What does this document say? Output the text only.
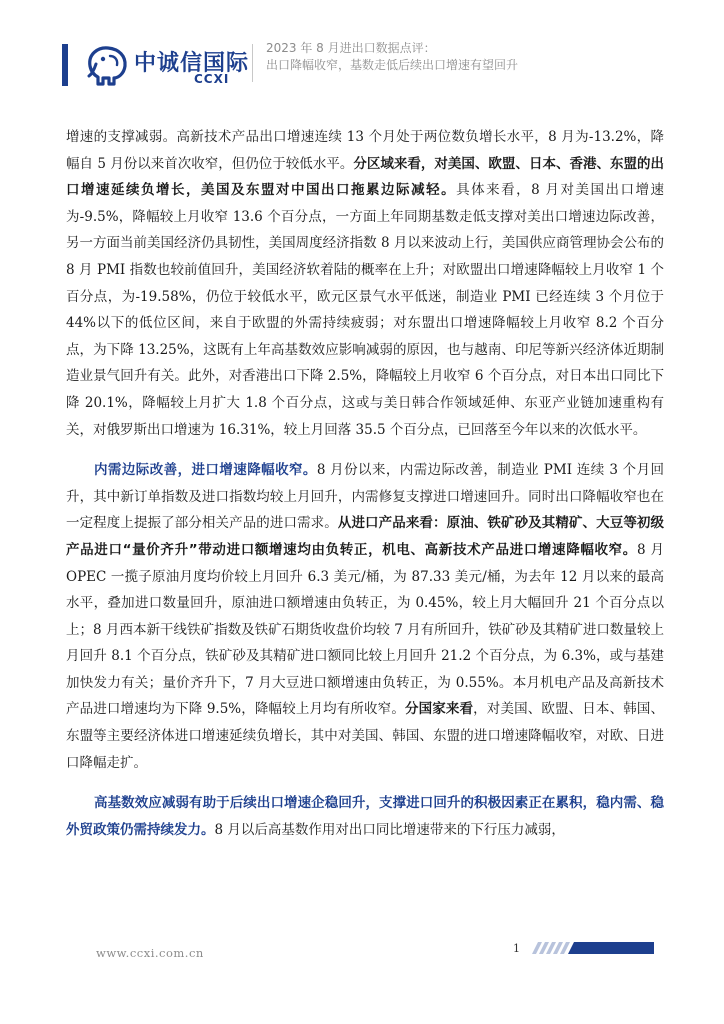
中诚信国际
CCXI
2023 年 8 月进出口数据点评：
出口降幅收窄，基数走低后续出口增速有望回升

增速的支撑减弱。高新技术产品出口增速连续 13 个月处于两位数负增长水平，8 月为-13.2%，降幅自 5 月份以来首次收窄，但仍位于较低水平。分区域来看，对美国、欧盟、日本、香港、东盟的出口增速延续负增长，美国及东盟对中国出口拖累边际减轻。具体来看，8 月对美国出口增速为-9.5%，降幅较上月收窄 13.6 个百分点，一方面上年同期基数走低支撑对美出口增速边际改善，另一方面当前美国经济仍具韧性，美国周度经济指数 8 月以来波动上行，美国供应商管理协会公布的 8 月 PMI 指数也较前值回升，美国经济软着陆的概率在上升；对欧盟出口增速降幅较上月收窄 1 个百分点，为-19.58%，仍位于较低水平，欧元区景气水平低迷，制造业 PMI 已经连续 3 个月位于 44%以下的低位区间，来自于欧盟的外需持续疲弱；对东盟出口增速降幅较上月收窄 8.2 个百分点，为下降 13.25%，这既有上年高基数效应影响减弱的原因，也与越南、印尼等新兴经济体近期制造业景气回升有关。此外，对香港出口下降 2.5%，降幅较上月收窄 6 个百分点，对日本出口同比下降 20.1%，降幅较上月扩大 1.8 个百分点，这或与美日韩合作领域延伸、东亚产业链加速重构有关，对俄罗斯出口增速为 16.31%，较上月回落 35.5 个百分点，已回落至今年以来的次低水平。

内需边际改善，进口增速降幅收窄。8 月份以来，内需边际改善，制造业 PMI 连续 3 个月回升，其中新订单指数及进口指数均较上月回升，内需修复支撑进口增速回升。同时出口降幅收窄也在一定程度上提振了部分相关产品的进口需求。从进口产品来看：原油、铁矿砂及其精矿、大豆等初级产品进口“量价齐升”带动进口额增速均由负转正，机电、高新技术产品进口增速降幅收窄。8 月 OPEC 一揽子原油月度均价较上月回升 6.3 美元/桶，为 87.33 美元/桶，为去年 12 月以来的最高水平，叠加进口数量回升，原油进口额增速由负转正，为 0.45%，较上月大幅回升 21 个百分点以上；8 月西本新干线铁矿指数及铁矿石期货收盘价均较 7 月有所回升，铁矿砂及其精矿进口数量较上月回升 8.1 个百分点，铁矿砂及其精矿进口额同比较上月回升 21.2 个百分点，为 6.3%，或与基建加快发力有关；量价齐升下，7 月大豆进口额增速由负转正，为 0.55%。本月机电产品及高新技术产品进口增速均为下降 9.5%，降幅较上月均有所收窄。分国家来看，对美国、欧盟、日本、韩国、东盟等主要经济体进口增速延续负增长，其中对美国、韩国、东盟的进口增速降幅收窄，对欧、日进口降幅走扩。

高基数效应减弱有助于后续出口增速企稳回升，支撑进口回升的积极因素正在累积，稳内需、稳外贸政策仍需持续发力。8 月以后高基数作用对出口同比增速带来的下行压力减弱，

www.ccxi.com.cn	1
